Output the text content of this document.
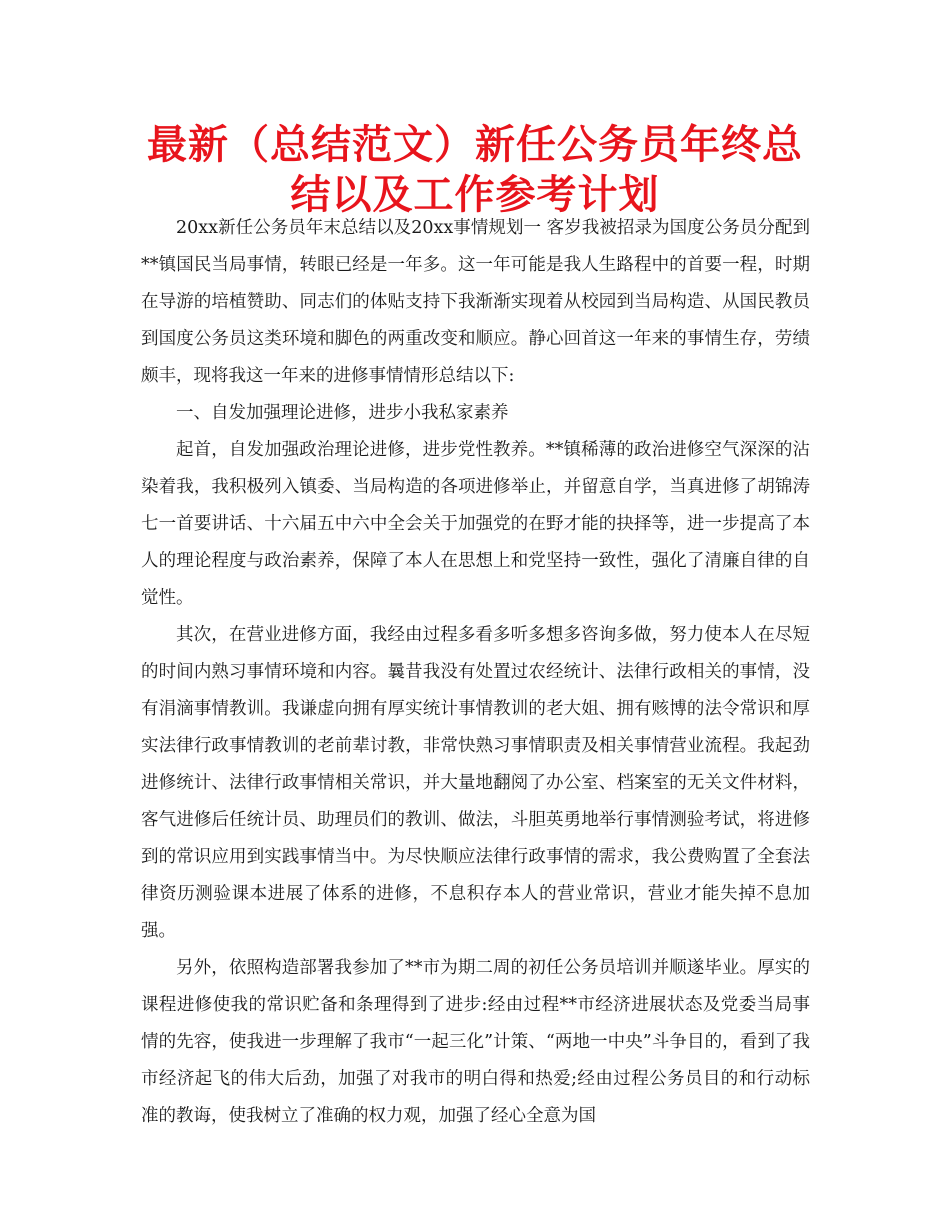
最新（总结范文）新任公务员年终总结以及工作参考计划

20xx新任公务员年末总结以及20xx事情规划一 客岁我被招录为国度公务员分配到**镇国民当局事情，转眼已经是一年多。这一年可能是我人生路程中的首要一程，时期在导游的培植赞助、同志们的体贴支持下我渐渐实现着从校园到当局构造、从国民教员到国度公务员这类环境和脚色的两重改变和顺应。静心回首这一年来的事情生存，劳绩颇丰，现将我这一年来的进修事情情形总结以下:

一、自发加强理论进修，进步小我私家素养

起首，自发加强政治理论进修，进步党性教养。**镇稀薄的政治进修空气深深的沾染着我，我积极列入镇委、当局构造的各项进修举止，并留意自学，当真进修了胡锦涛七一首要讲话、十六届五中六中全会关于加强党的在野才能的抉择等，进一步提高了本人的理论程度与政治素养，保障了本人在思想上和党坚持一致性，强化了清廉自律的自觉性。

其次，在营业进修方面，我经由过程多看多听多想多咨询多做，努力使本人在尽短的时间内熟习事情环境和内容。曩昔我没有处置过农经统计、法律行政相关的事情，没有涓滴事情教训。我谦虚向拥有厚实统计事情教训的老大姐、拥有赅博的法令常识和厚实法律行政事情教训的老前辈讨教，非常快熟习事情职责及相关事情营业流程。我起劲进修统计、法律行政事情相关常识，并大量地翻阅了办公室、档案室的无关文件材料，客气进修后任统计员、助理员们的教训、做法，斗胆英勇地举行事情测验考试，将进修到的常识应用到实践事情当中。为尽快顺应法律行政事情的需求，我公费购置了全套法律资历测验课本进展了体系的进修，不息积存本人的营业常识，营业才能失掉不息加强。

另外，依照构造部署我参加了**市为期二周的初任公务员培训并顺遂毕业。厚实的课程进修使我的常识贮备和条理得到了进步:经由过程**市经济进展状态及党委当局事情的先容，使我进一步理解了我市“一起三化”计策、“两地一中央”斗争目的，看到了我市经济起飞的伟大后劲，加强了对我市的明白得和热爱;经由过程公务员目的和行动标准的教诲，使我树立了准确的权力观，加强了经心全意为国
